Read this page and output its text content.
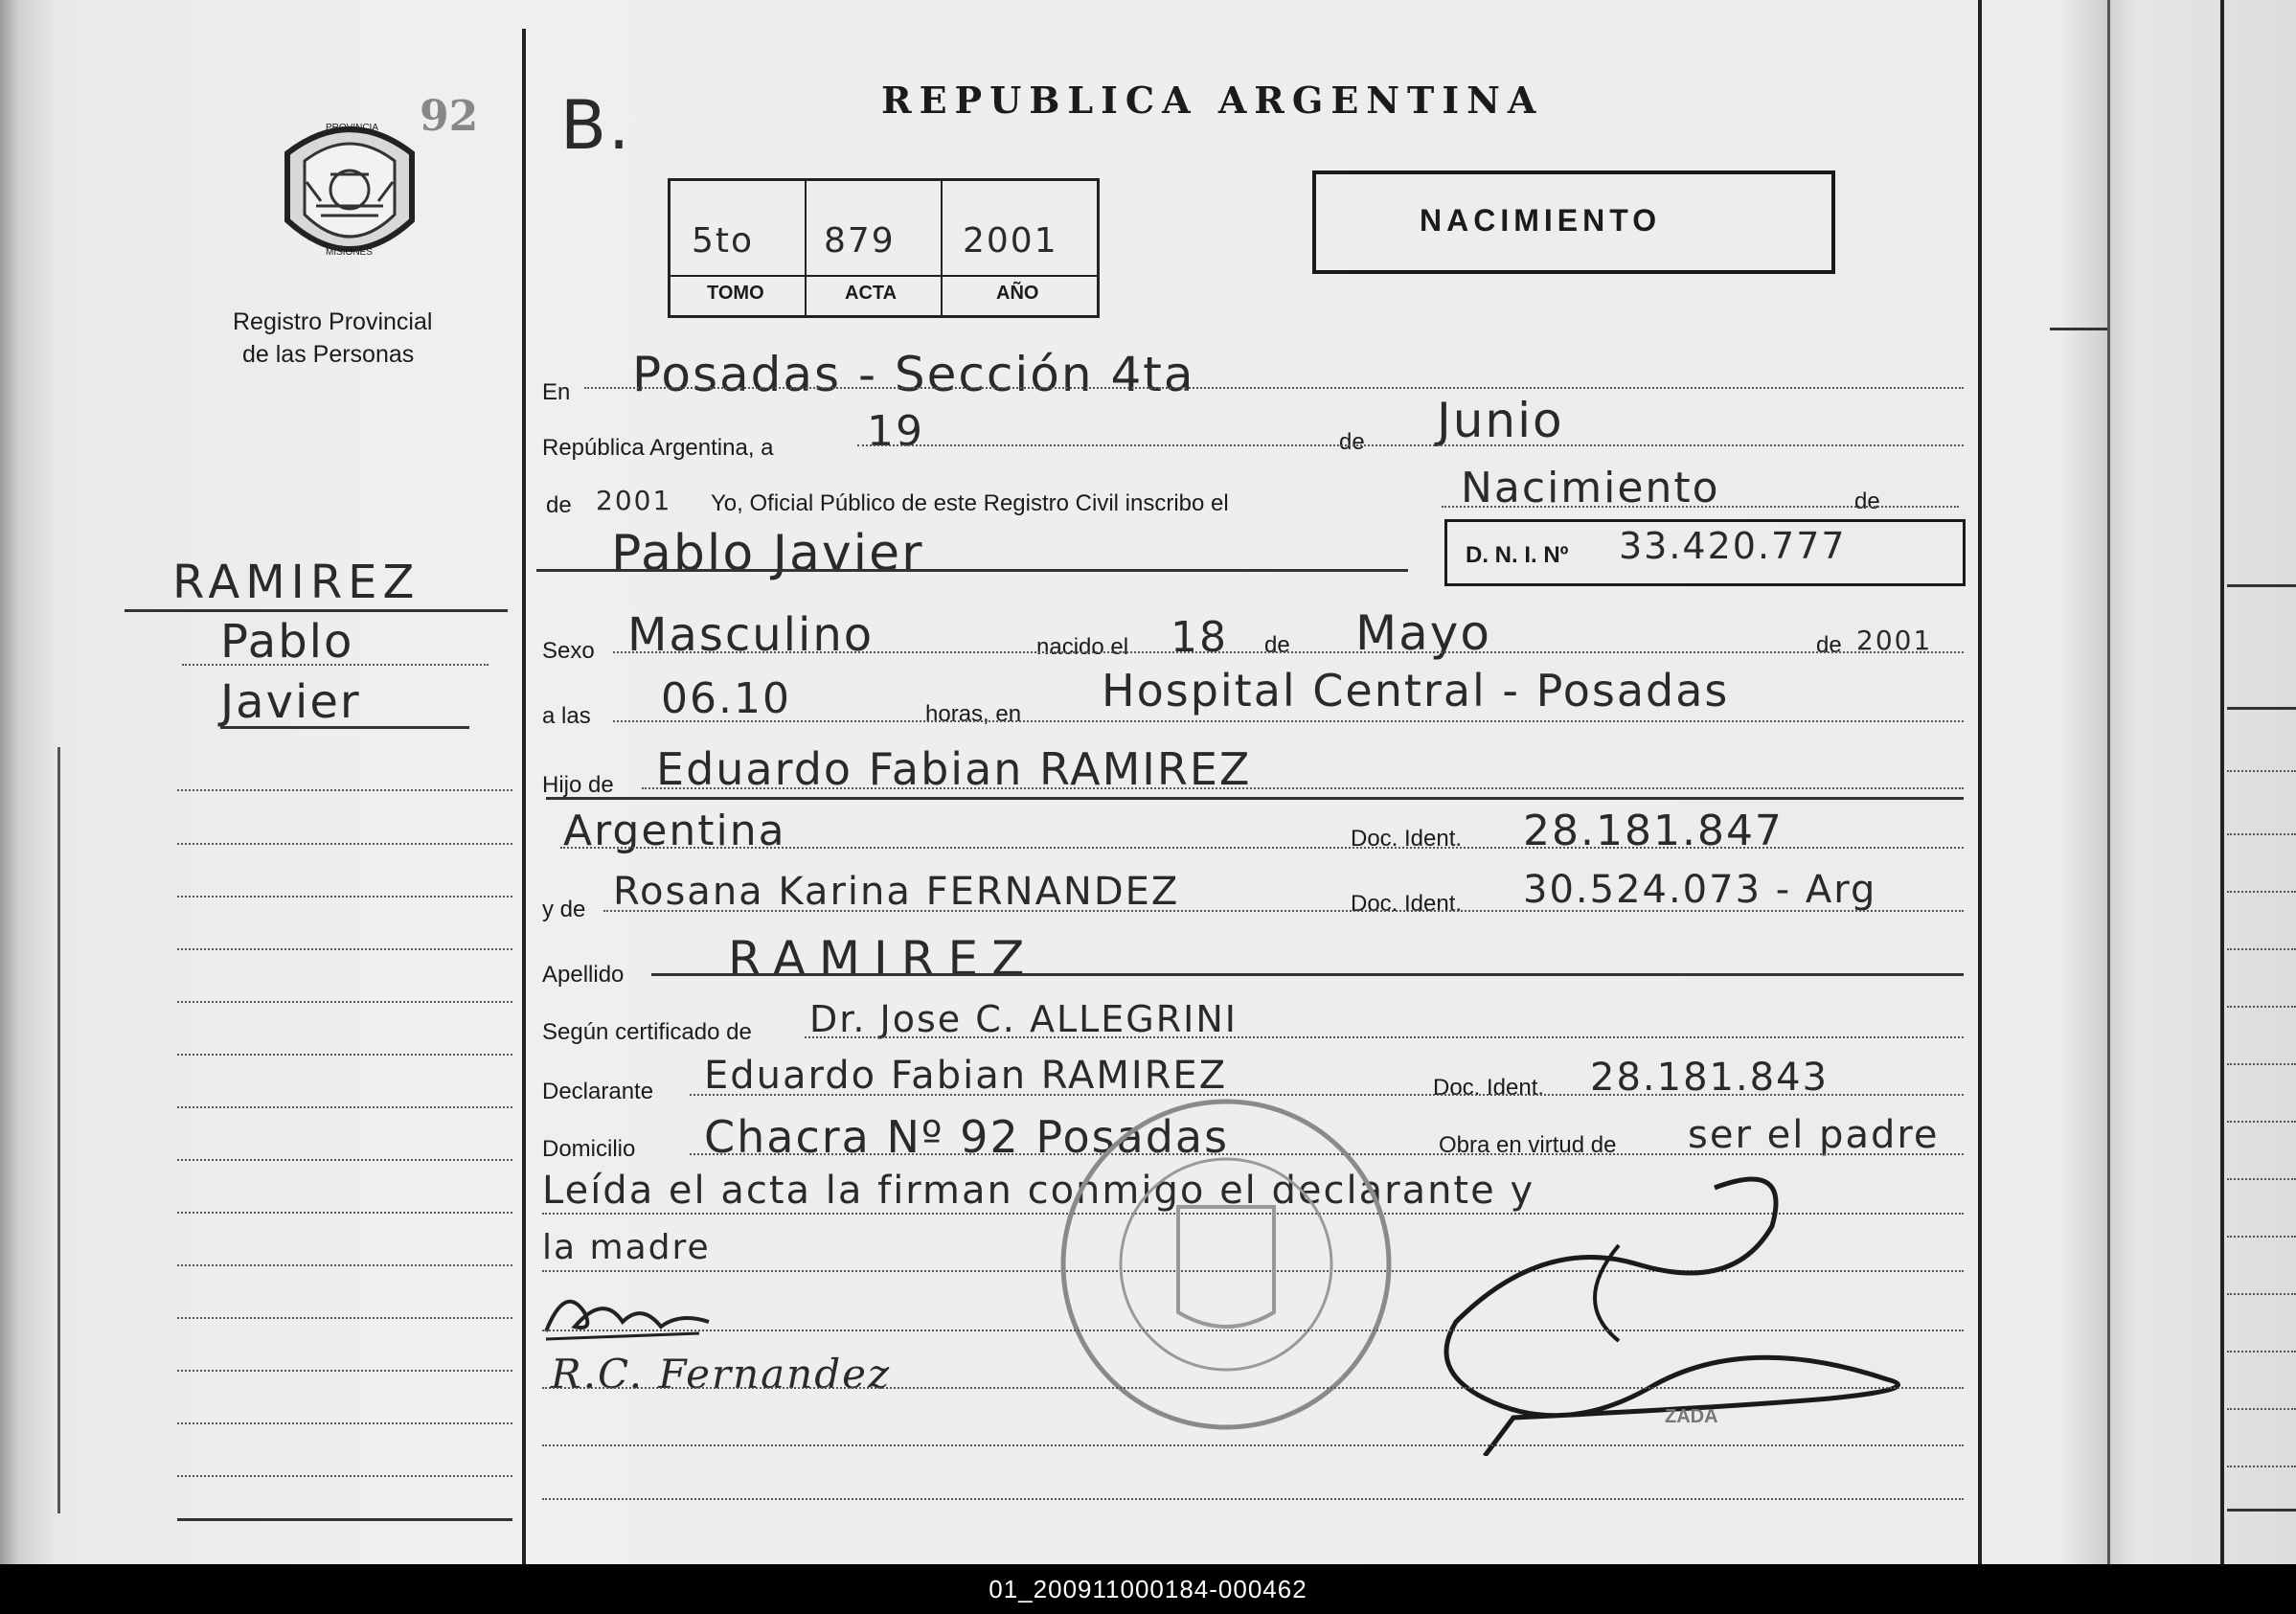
92 B.
PROVINCIA
MISIONES
Registro Provincial
de las Personas
REPUBLICA ARGENTINA
5to 879 2001
TOMO	ACTA	AÑO
NACIMIENTO
RAMIREZ
Pablo
Javier
En Posadas - Sección 4ta
República Argentina, a 19	de Junio
de 2001 Yo, Oficial Público de este Registro Civil inscribo el	Nacimiento	de
Pablo Javier	D. N. I. Nº 33.420.777
Sexo Masculino	nacido el 18 de Mayo	de 2001
a las 06.10	horas, en Hospital Central - Posadas
Hijo de Eduardo Fabian RAMIREZ
Argentina	Doc. Ident. 28.181.847
y de Rosana Karina FERNANDEZ	Doc. Ident. 30.524.073 - Arg
Apellido RAMIREZ
Según certificado de Dr. Jose C. ALLEGRINI
Declarante Eduardo Fabian RAMIREZ	Doc. Ident. 28.181.843
Domicilio Chacra Nº 92 Posadas	Obra en virtud de ser el padre
Leída el acta la firman conmigo el declarante y
la madre
R.C. Fernandez
ZADA
01_200911000184-000462
